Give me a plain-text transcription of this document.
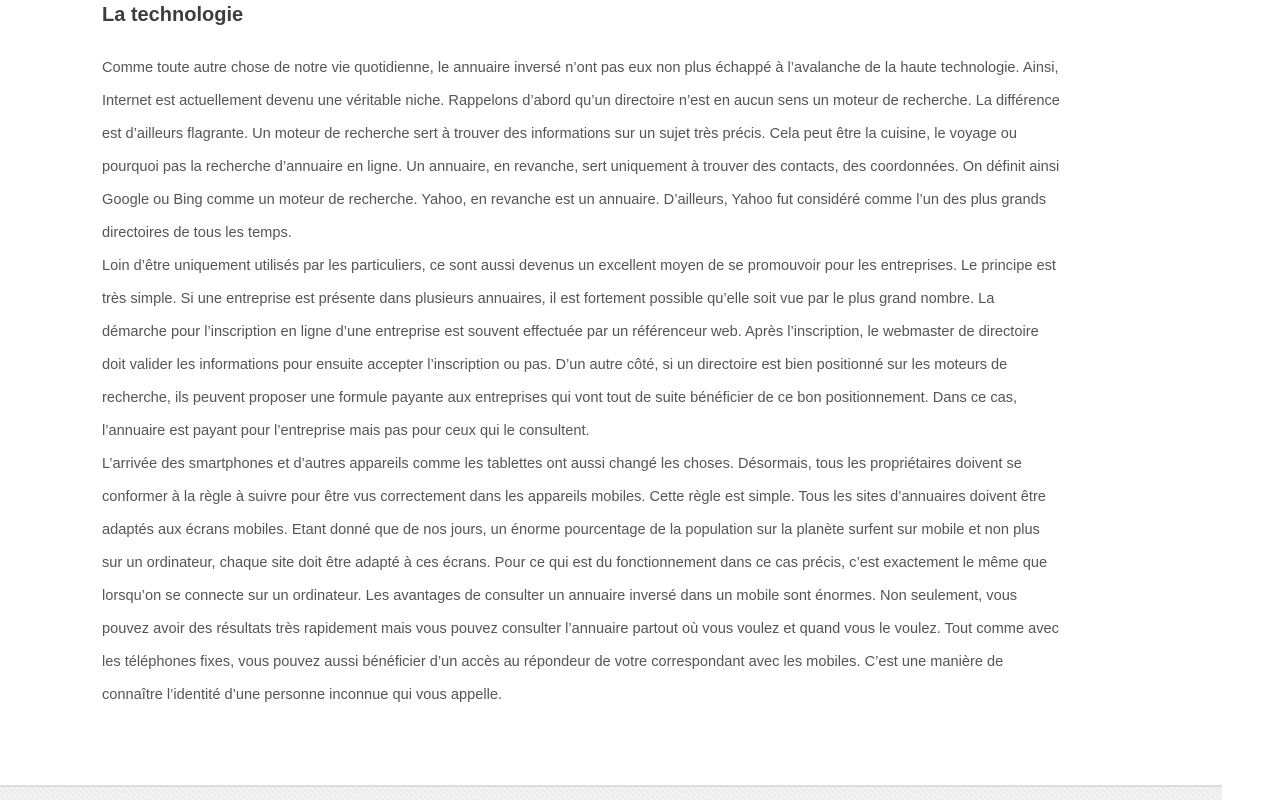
La technologie

Comme toute autre chose de notre vie quotidienne, le annuaire inversé n’ont pas eux non plus échappé à l’avalanche de la haute technologie. Ainsi, Internet est actuellement devenu une véritable niche. Rappelons d’abord qu’un directoire n’est en aucun sens un moteur de recherche. La différence est d’ailleurs flagrante. Un moteur de recherche sert à trouver des informations sur un sujet très précis. Cela peut être la cuisine, le voyage ou pourquoi pas la recherche d’annuaire en ligne. Un annuaire, en revanche, sert uniquement à trouver des contacts, des coordonnées. On définit ainsi Google ou Bing comme un moteur de recherche. Yahoo, en revanche est un annuaire. D’ailleurs, Yahoo fut considéré comme l’un des plus grands directoires de tous les temps.

Loin d’être uniquement utilisés par les particuliers, ce sont aussi devenus un excellent moyen de se promouvoir pour les entreprises. Le principe est très simple. Si une entreprise est présente dans plusieurs annuaires, il est fortement possible qu’elle soit vue par le plus grand nombre. La démarche pour l’inscription en ligne d’une entreprise est souvent effectuée par un référenceur web. Après l’inscription, le webmaster de directoire doit valider les informations pour ensuite accepter l’inscription ou pas. D’un autre côté, si un directoire est bien positionné sur les moteurs de recherche, ils peuvent proposer une formule payante aux entreprises qui vont tout de suite bénéficier de ce bon positionnement. Dans ce cas, l’annuaire est payant pour l’entreprise mais pas pour ceux qui le consultent.

L’arrivée des smartphones et d’autres appareils comme les tablettes ont aussi changé les choses. Désormais, tous les propriétaires doivent se conformer à la règle à suivre pour être vus correctement dans les appareils mobiles. Cette règle est simple. Tous les sites d’annuaires doivent être adaptés aux écrans mobiles. Etant donné que de nos jours, un énorme pourcentage de la population sur la planète surfent sur mobile et non plus sur un ordinateur, chaque site doit être adapté à ces écrans. Pour ce qui est du fonctionnement dans ce cas précis, c’est exactement le même que lorsqu’on se connecte sur un ordinateur. Les avantages de consulter un annuaire inversé dans un mobile sont énormes. Non seulement, vous pouvez avoir des résultats très rapidement mais vous pouvez consulter l’annuaire partout où vous voulez et quand vous le voulez. Tout comme avec les téléphones fixes, vous pouvez aussi bénéficier d’un accès au répondeur de votre correspondant avec les mobiles. C’est une manière de connaître l’identité d’une personne inconnue qui vous appelle.
